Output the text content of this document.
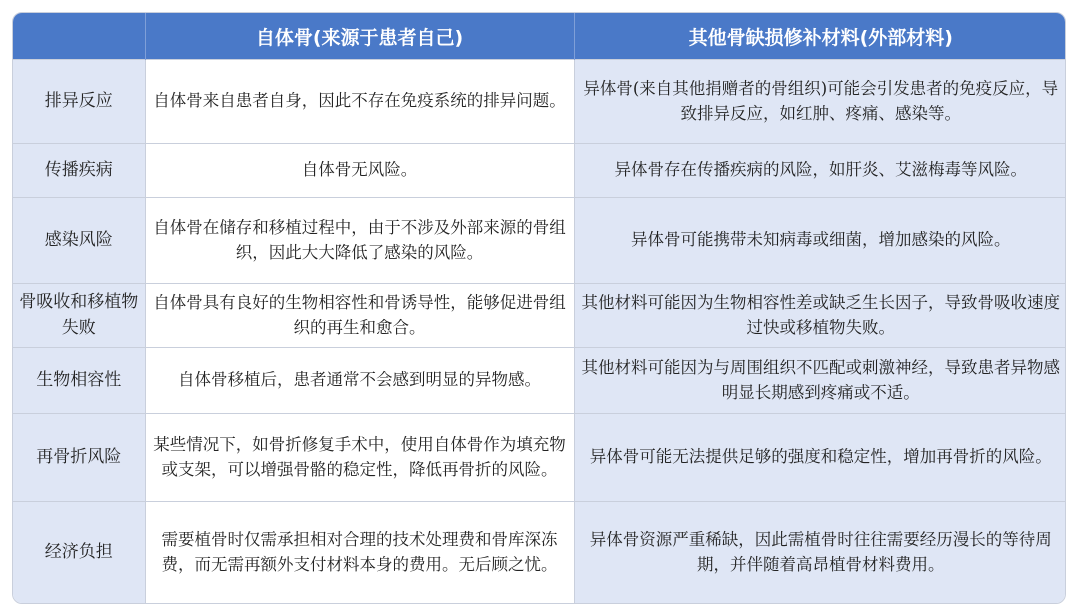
	自体骨(来源于患者自己)	其他骨缺损修补材料(外部材料)
排异反应	自体骨来自患者自身，因此不存在免疫系统的排异问题。	异体骨(来自其他捐赠者的骨组织)可能会引发患者的免疫反应，导致排异反应，如红肿、疼痛、感染等。
传播疾病	自体骨无风险。	异体骨存在传播疾病的风险，如肝炎、艾滋梅毒等风险。
感染风险	自体骨在储存和移植过程中，由于不涉及外部来源的骨组织，因此大大降低了感染的风险。	异体骨可能携带未知病毒或细菌，增加感染的风险。
骨吸收和移植物失败	自体骨具有良好的生物相容性和骨诱导性，能够促进骨组织的再生和愈合。	其他材料可能因为生物相容性差或缺乏生长因子，导致骨吸收速度过快或移植物失败。
生物相容性	自体骨移植后，患者通常不会感到明显的异物感。	其他材料可能因为与周围组织不匹配或刺激神经，导致患者异物感明显长期感到疼痛或不适。
再骨折风险	某些情况下，如骨折修复手术中，使用自体骨作为填充物或支架，可以增强骨骼的稳定性，降低再骨折的风险。	异体骨可能无法提供足够的强度和稳定性，增加再骨折的风险。
经济负担	需要植骨时仅需承担相对合理的技术处理费和骨库深冻费，而无需再额外支付材料本身的费用。无后顾之忧。	异体骨资源严重稀缺，因此需植骨时往往需要经历漫长的等待周期，并伴随着高昂植骨材料费用。
